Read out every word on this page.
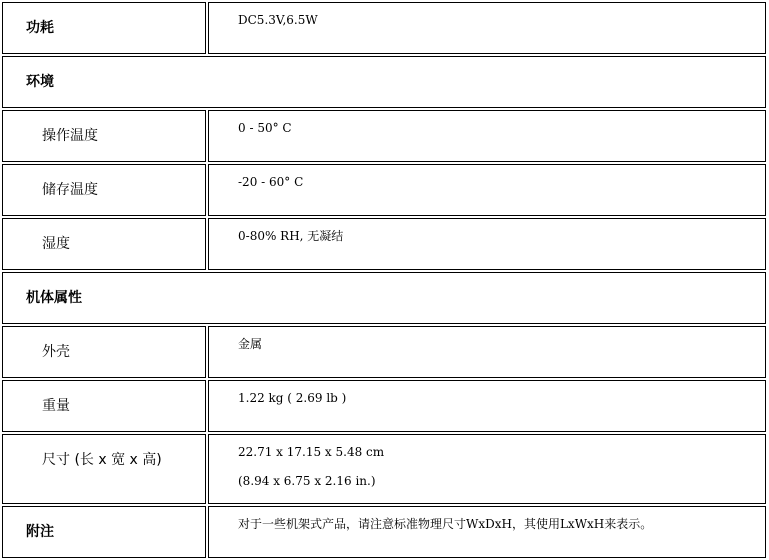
功耗	DC5.3V,6.5W
环境
操作温度	0 - 50° C
储存温度	-20 - 60° C
湿度	0-80% RH, 无凝结
机体属性
外壳	金属
重量	1.22 kg ( 2.69 lb )
尺寸 (长 x 宽 x 高)	22.71 x 17.15 x 5.48 cm
(8.94 x 6.75 x 2.16 in.)
附注	对于一些机架式产品，请注意标准物理尺寸WxDxH，其使用LxWxH来表示。
